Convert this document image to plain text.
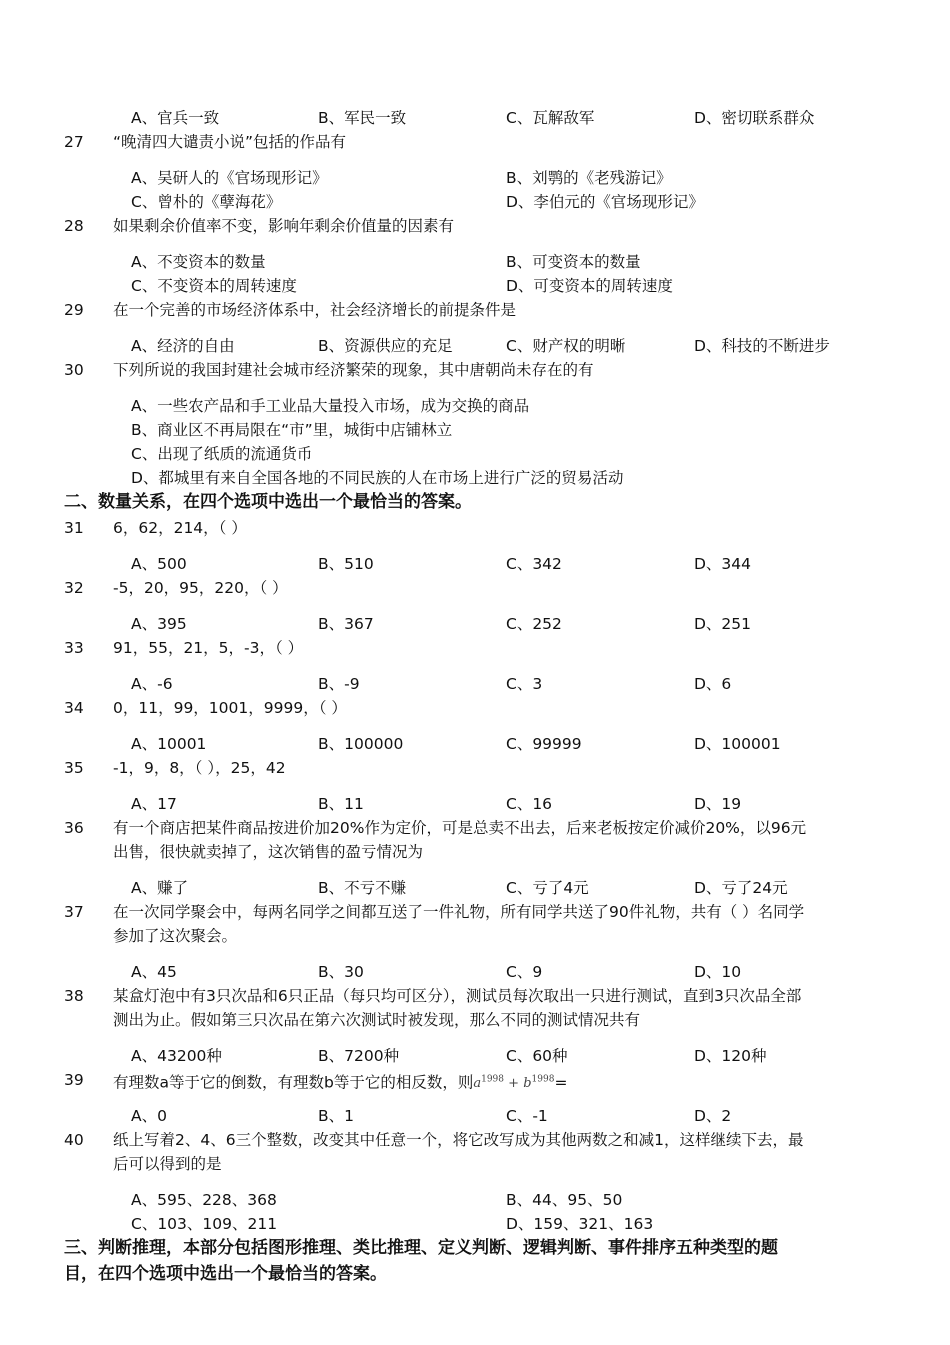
A、官兵一致	B、军民一致	C、瓦解敌军	D、密切联系群众
27 “晚清四大谴责小说”包括的作品有
A、吴研人的《官场现形记》	B、刘鹗的《老残游记》
C、曾朴的《孽海花》	D、李伯元的《官场现形记》
28 如果剩余价值率不变，影响年剩余价值量的因素有
A、不变资本的数量	B、可变资本的数量
C、不变资本的周转速度	D、可变资本的周转速度
29 在一个完善的市场经济体系中，社会经济增长的前提条件是
A、经济的自由	B、资源供应的充足	C、财产权的明晰	D、科技的不断进步
30 下列所说的我国封建社会城市经济繁荣的现象，其中唐朝尚未存在的有
A、一些农产品和手工业品大量投入市场，成为交换的商品
B、商业区不再局限在“市”里，城街中店铺林立
C、出现了纸质的流通货币
D、都城里有来自全国各地的不同民族的人在市场上进行广泛的贸易活动
二、数量关系，在四个选项中选出一个最恰当的答案。
31 6，62，214，（ ）
A、500	B、510	C、342	D、344
32 -5，20，95，220，（ ）
A、395	B、367	C、252	D、251
33 91，55，21，5，-3，（ ）
A、-6	B、-9	C、3	D、6
34 0，11，99，1001，9999，（ ）
A、10001	B、100000	C、99999	D、100001
35 -1，9，8，（ ），25，42
A、17	B、11	C、16	D、19
36 有一个商店把某件商品按进价加20%作为定价，可是总卖不出去，后来老板按定价减价20%，以96元
出售，很快就卖掉了，这次销售的盈亏情况为
A、赚了	B、不亏不赚	C、亏了4元	D、亏了24元
37 在一次同学聚会中，每两名同学之间都互送了一件礼物，所有同学共送了90件礼物，共有（ ）名同学
参加了这次聚会。
A、45	B、30	C、9	D、10
38 某盒灯泡中有3只次品和6只正品（每只均可区分），测试员每次取出一只进行测试，直到3只次品全部
测出为止。假如第三只次品在第六次测试时被发现，那么不同的测试情况共有
A、43200种	B、7200种	C、60种	D、120种
39 有理数a等于它的倒数，有理数b等于它的相反数，则$a^{1998} + b^{1998}=$
A、0	B、1	C、-1	D、2
40 纸上写着2、4、6三个整数，改变其中任意一个，将它改写成为其他两数之和减1，这样继续下去，最
后可以得到的是
A、595、228、368	B、44、95、50
C、103、109、211	D、159、321、163
三、判断推理，本部分包括图形推理、类比推理、定义判断、逻辑判断、事件排序五种类型的题
目，在四个选项中选出一个最恰当的答案。
